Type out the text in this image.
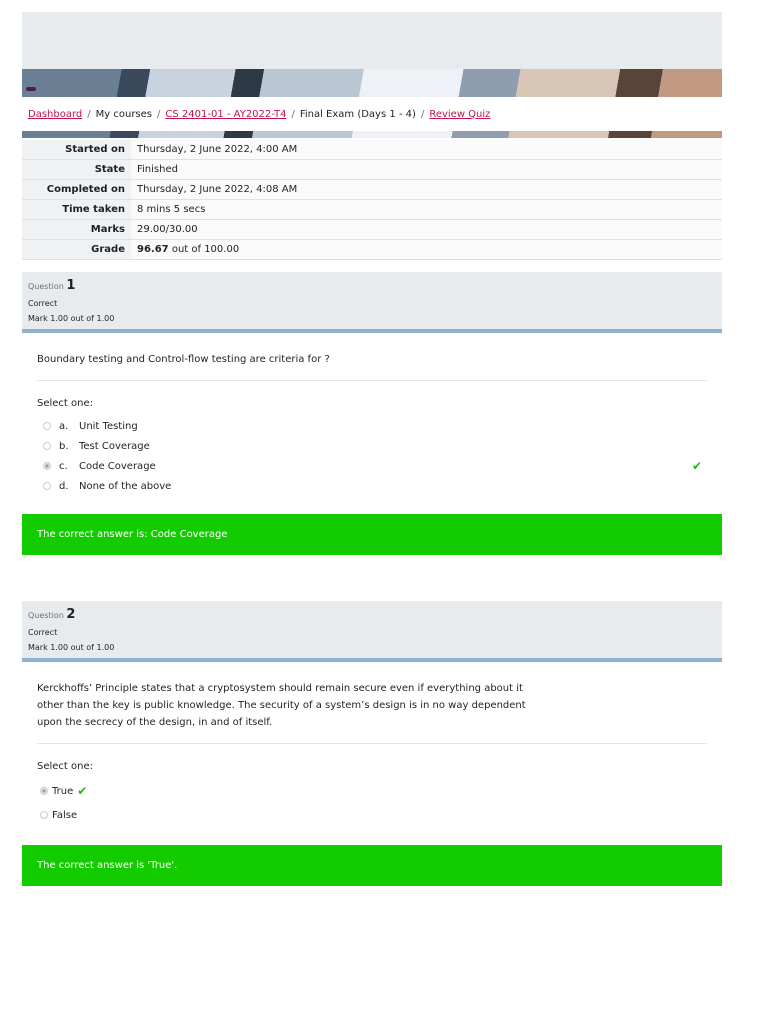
Dashboard / My courses / CS 2401-01 - AY2022-T4 / Final Exam (Days 1 - 4) / Review Quiz
Started on	Thursday, 2 June 2022, 4:00 AM
State	Finished
Completed on	Thursday, 2 June 2022, 4:08 AM
Time taken	8 mins 5 secs
Marks	29.00/30.00
Grade	96.67 out of 100.00
Question 1
Correct
Mark 1.00 out of 1.00
Boundary testing and Control-flow testing are criteria for ?
Select one:
a.	Unit Testing
b.	Test Coverage
c.	Code Coverage	✔
d.	None of the above
The correct answer is: Code Coverage
Question 2
Correct
Mark 1.00 out of 1.00
Kerckhoffs’ Principle states that a cryptosystem should remain secure even if everything about it
other than the key is public knowledge. The security of a system’s design is in no way dependent
upon the secrecy of the design, in and of itself.
Select one:
True ✔
False
The correct answer is 'True'.
